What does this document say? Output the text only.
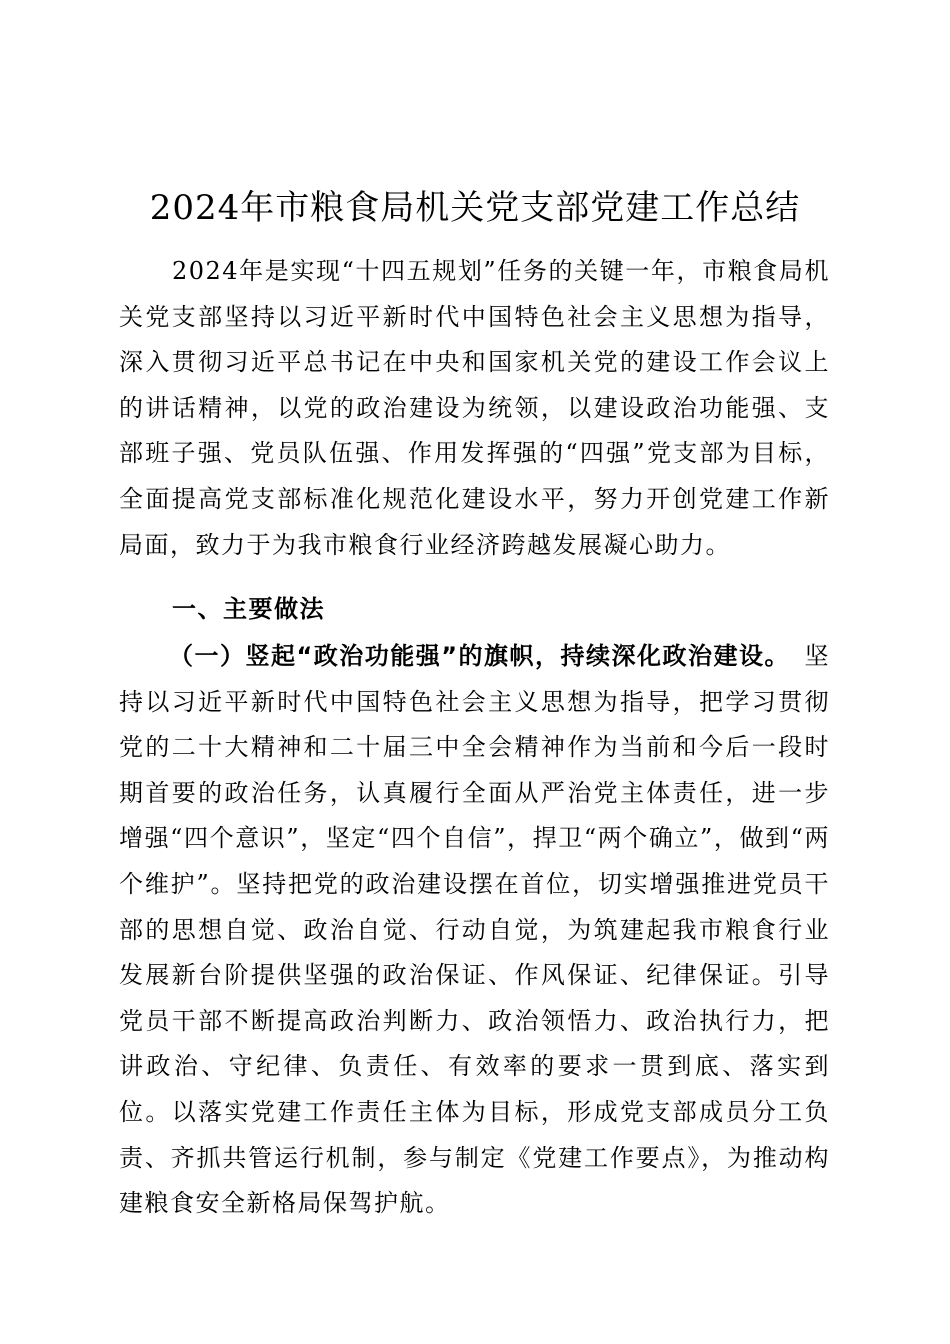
2024年市粮食局机关党支部党建工作总结
2024年是实现“十四五规划”任务的关键一年，市粮食局机关党支部坚持以习近平新时代中国特色社会主义思想为指导，深入贯彻习近平总书记在中央和国家机关党的建设工作会议上的讲话精神，以党的政治建设为统领，以建设政治功能强、支部班子强、党员队伍强、作用发挥强的“四强”党支部为目标，全面提高党支部标准化规范化建设水平，努力开创党建工作新局面，致力于为我市粮食行业经济跨越发展凝心助力。
一、主要做法
（一）竖起“政治功能强”的旗帜，持续深化政治建设。坚持以习近平新时代中国特色社会主义思想为指导，把学习贯彻党的二十大精神和二十届三中全会精神作为当前和今后一段时期首要的政治任务，认真履行全面从严治党主体责任，进一步增强“四个意识”，坚定“四个自信”，捍卫“两个确立”，做到“两个维护”。坚持把党的政治建设摆在首位，切实增强推进党员干部的思想自觉、政治自觉、行动自觉，为筑建起我市粮食行业发展新台阶提供坚强的政治保证、作风保证、纪律保证。引导党员干部不断提高政治判断力、政治领悟力、政治执行力，把讲政治、守纪律、负责任、有效率的要求一贯到底、落实到位。以落实党建工作责任主体为目标，形成党支部成员分工负责、齐抓共管运行机制，参与制定《党建工作要点》，为推动构建粮食安全新格局保驾护航。
